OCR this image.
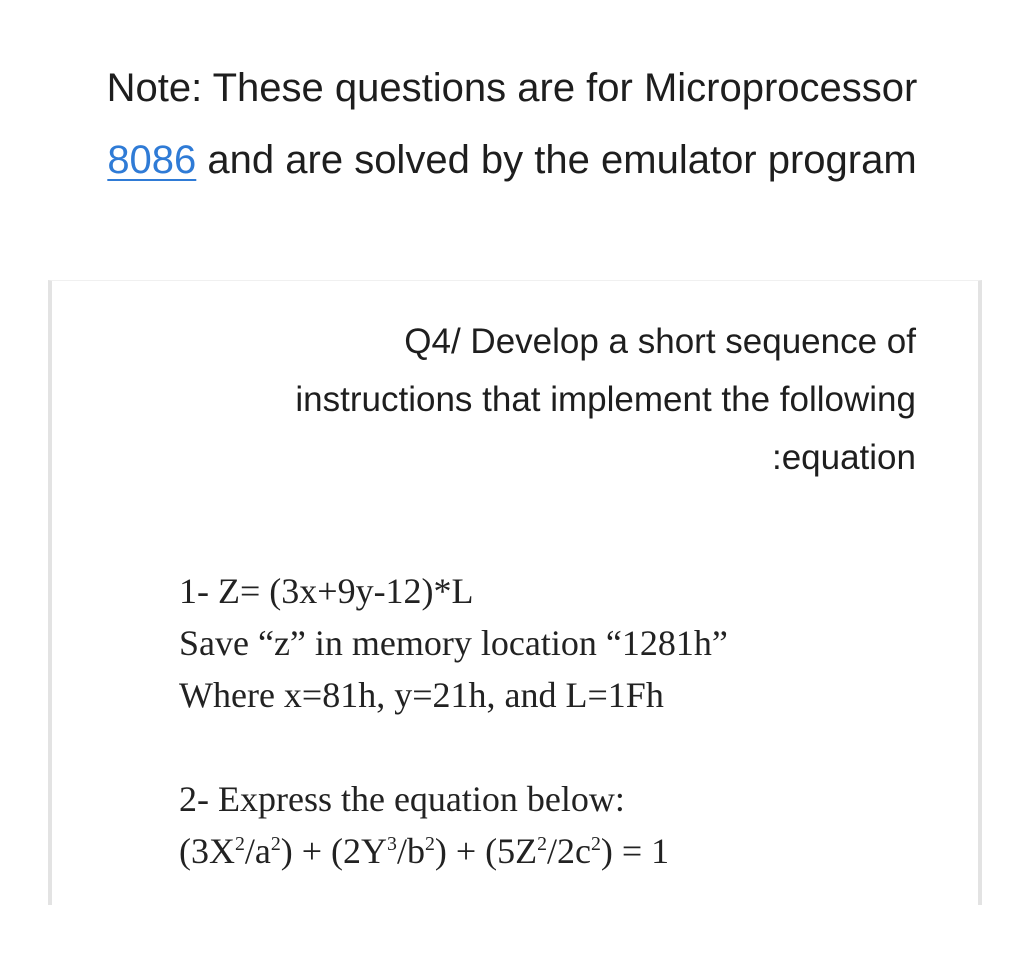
Note: These questions are for Microprocessor
8086 and are solved by the emulator program
Q4/ Develop a short sequence of
instructions that implement the following
:equation
1- Z= (3x+9y-12)*L
Save “z” in memory location “1281h”
Where x=81h, y=21h, and L=1Fh
2- Express the equation below:
$(3X^2/a^2) + (2Y^3/b^2) + (5Z^2/2c^2) = 1$
